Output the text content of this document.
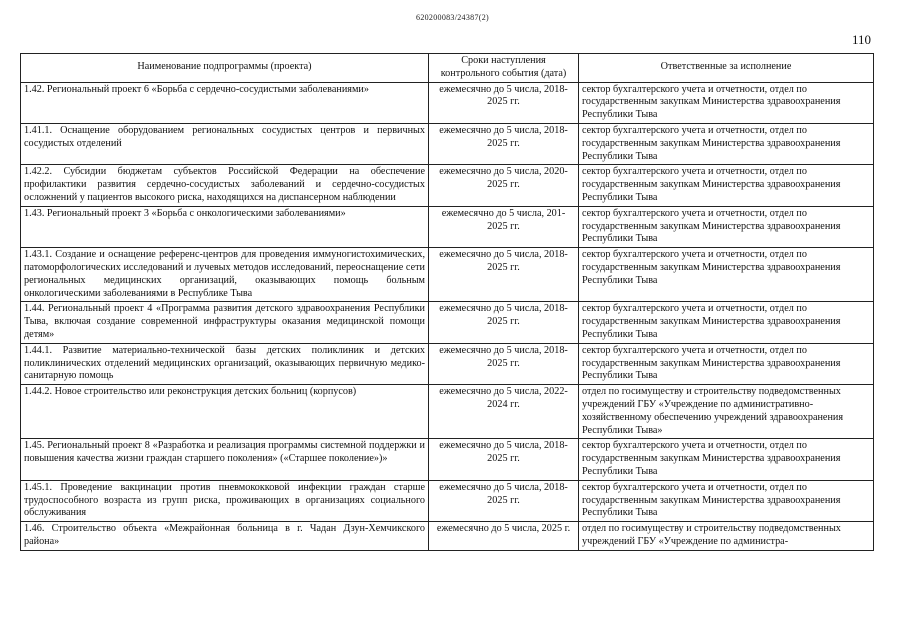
620200083/24387(2)
110
Наименование подпрограммы (проекта)	Сроки наступления контрольного события (дата)	Ответственные за исполнение
1.42. Региональный проект 6 «Борьба с сердечно-сосудистыми заболеваниями»	ежемесячно до 5 числа, 2018-2025 гг.	сектор бухгалтерского учета и отчетности, отдел по государственным закупкам Министерства здравоохранения Республики Тыва
1.41.1. Оснащение оборудованием региональных сосудистых центров и первичных сосудистых отделений	ежемесячно до 5 числа, 2018-2025 гг.	сектор бухгалтерского учета и отчетности, отдел по государственным закупкам Министерства здравоохранения Республики Тыва
1.42.2. Субсидии бюджетам субъектов Российской Федерации на обеспечение профилактики развития сердечно-сосудистых заболеваний и сердечно-сосудистых осложнений у пациентов высокого риска, находящихся на диспансерном наблюдении	ежемесячно до 5 числа, 2020-2025 гг.	сектор бухгалтерского учета и отчетности, отдел по государственным закупкам Министерства здравоохранения Республики Тыва
1.43. Региональный проект 3 «Борьба с онкологическими заболеваниями»	ежемесячно до 5 числа, 201-2025 гг.	сектор бухгалтерского учета и отчетности, отдел по государственным закупкам Министерства здравоохранения Республики Тыва
1.43.1. Создание и оснащение референс-центров для проведения иммуногистохимических, патоморфологических исследований и лучевых методов исследований, переоснащение сети региональных медицинских организаций, оказывающих помощь больным онкологическими заболеваниями в Республике Тыва	ежемесячно до 5 числа, 2018-2025 гг.	сектор бухгалтерского учета и отчетности, отдел по государственным закупкам Министерства здравоохранения Республики Тыва
1.44. Региональный проект 4 «Программа развития детского здравоохранения Республики Тыва, включая создание современной инфраструктуры оказания медицинской помощи детям»	ежемесячно до 5 числа, 2018-2025 гг.	сектор бухгалтерского учета и отчетности, отдел по государственным закупкам Министерства здравоохранения Республики Тыва
1.44.1. Развитие материально-технической базы детских поликлиник и детских поликлинических отделений медицинских организаций, оказывающих первичную медико-санитарную помощь	ежемесячно до 5 числа, 2018-2025 гг.	сектор бухгалтерского учета и отчетности, отдел по государственным закупкам Министерства здравоохранения Республики Тыва
1.44.2. Новое строительство или реконструкция детских больниц (корпусов)	ежемесячно до 5 числа, 2022-2024 гг.	отдел по госимуществу и строительству подведомственных учреждений ГБУ «Учреждение по административно-хозяйственному обеспечению учреждений здравоохранения Республики Тыва»
1.45. Региональный проект 8 «Разработка и реализация программы системной поддержки и повышения качества жизни граждан старшего поколения» («Старшее поколение»)»	ежемесячно до 5 числа, 2018-2025 гг.	сектор бухгалтерского учета и отчетности, отдел по государственным закупкам Министерства здравоохранения Республики Тыва
1.45.1. Проведение вакцинации против пневмококковой инфекции граждан старше трудоспособного возраста из групп риска, проживающих в организациях социального обслуживания	ежемесячно до 5 числа, 2018-2025 гг.	сектор бухгалтерского учета и отчетности, отдел по государственным закупкам Министерства здравоохранения Республики Тыва
1.46. Строительство объекта «Межрайонная больница в г. Чадан Дзун-Хемчикского района»	ежемесячно до 5 числа, 2025 г.	отдел по госимуществу и строительству подведомственных учреждений ГБУ «Учреждение по администра-
